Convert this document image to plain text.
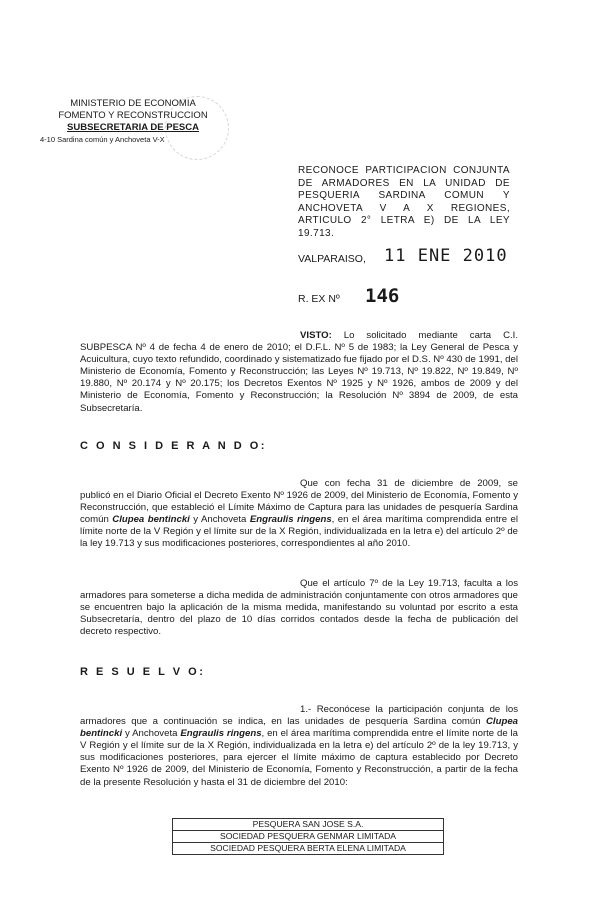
MINISTERIO DE ECONOMIA
FOMENTO Y RECONSTRUCCION
SUBSECRETARIA DE PESCA
4-10 Sardina común y Anchoveta V-X
RECONOCE PARTICIPACION CONJUNTA DE ARMADORES EN LA UNIDAD DE PESQUERIA SARDINA COMUN Y ANCHOVETA V A X REGIONES, ARTICULO 2° LETRA E) DE LA LEY 19.713.
VALPARAISO, 11 ENE 2010
R. EX Nº 146
VISTO: Lo solicitado mediante carta C.I. SUBPESCA Nº 4 de fecha 4 de enero de 2010; el D.F.L. Nº 5 de 1983; la Ley General de Pesca y Acuicultura, cuyo texto refundido, coordinado y sistematizado fue fijado por el D.S. Nº 430 de 1991, del Ministerio de Economía, Fomento y Reconstrucción; las Leyes Nº 19.713, Nº 19.822, Nº 19.849, Nº 19.880, Nº 20.174 y Nº 20.175; los Decretos Exentos Nº 1925 y Nº 1926, ambos de 2009 y del Ministerio de Economía, Fomento y Reconstrucción; la Resolución Nº 3894 de 2009, de esta Subsecretaría.
C O N S I D E R A N D O:
Que con fecha 31 de diciembre de 2009, se publicó en el Diario Oficial el Decreto Exento Nº 1926 de 2009, del Ministerio de Economía, Fomento y Reconstrucción, que estableció el Límite Máximo de Captura para las unidades de pesquería Sardina común Clupea bentincki y Anchoveta Engraulis ringens, en el área marítima comprendida entre el límite norte de la V Región y el límite sur de la X Región, individualizada en la letra e) del artículo 2º de la ley 19.713 y sus modificaciones posteriores, correspondientes al año 2010.
Que el artículo 7º de la Ley 19.713, faculta a los armadores para someterse a dicha medida de administración conjuntamente con otros armadores que se encuentren bajo la aplicación de la misma medida, manifestando su voluntad por escrito a esta Subsecretaría, dentro del plazo de 10 días corridos contados desde la fecha de publicación del decreto respectivo.
R E S U E L V O:
1.- Reconócese la participación conjunta de los armadores que a continuación se indica, en las unidades de pesquería Sardina común Clupea bentincki y Anchoveta Engraulis ringens, en el área marítima comprendida entre el límite norte de la V Región y el límite sur de la X Región, individualizada en la letra e) del artículo 2º de la ley 19.713, y sus modificaciones posteriores, para ejercer el límite máximo de captura establecido por Decreto Exento Nº 1926 de 2009, del Ministerio de Economía, Fomento y Reconstrucción, a partir de la fecha de la presente Resolución y hasta el 31 de diciembre del 2010:
PESQUERA SAN JOSE S.A.
SOCIEDAD PESQUERA GENMAR LIMITADA
SOCIEDAD PESQUERA BERTA ELENA LIMITADA
